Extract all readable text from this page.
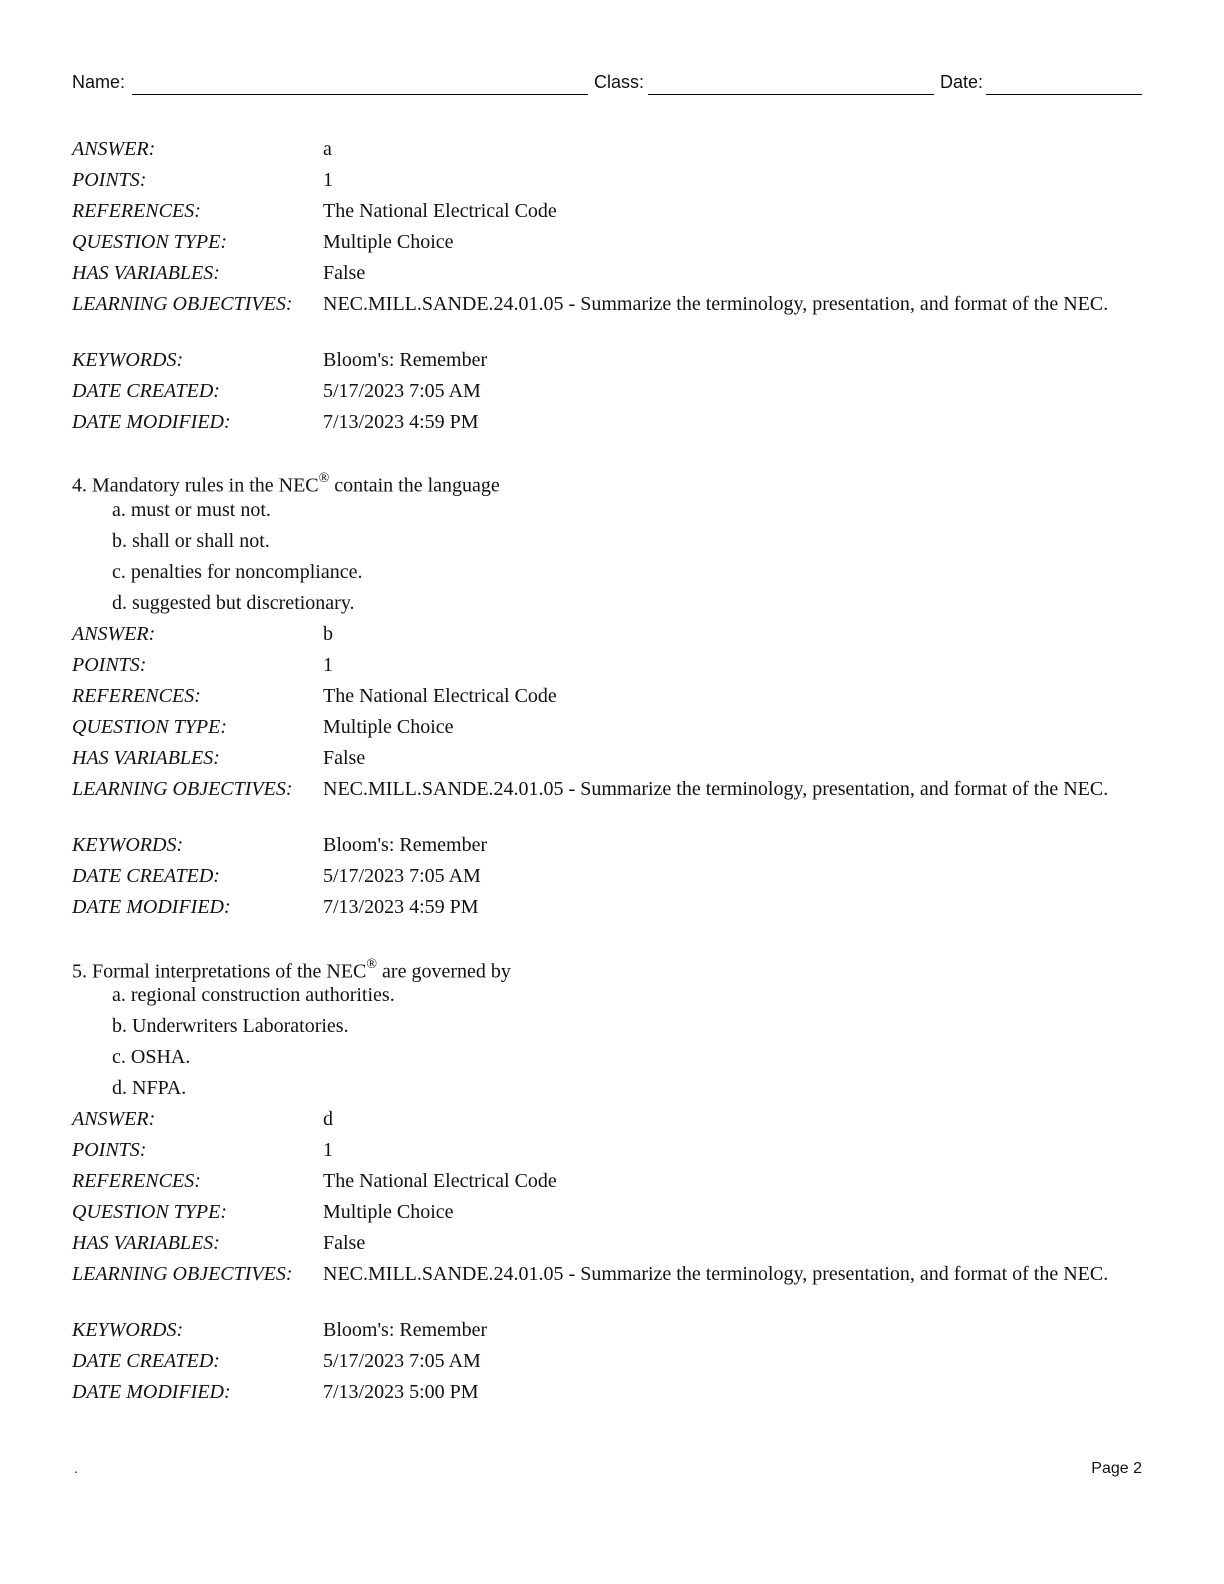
Name:	Class:	Date:
ANSWER:	a
POINTS:	1
REFERENCES:	The National Electrical Code
QUESTION TYPE:	Multiple Choice
HAS VARIABLES:	False
LEARNING OBJECTIVES: NEC.MILL.SANDE.24.01.05 - Summarize the terminology, presentation, and format of the NEC.
KEYWORDS:	Bloom's: Remember
DATE CREATED:	5/17/2023 7:05 AM
DATE MODIFIED:	7/13/2023 4:59 PM
4. Mandatory rules in the NEC® contain the language
a. must or must not.
b. shall or shall not.
c. penalties for noncompliance.
d. suggested but discretionary.
ANSWER:	b
POINTS:	1
REFERENCES:	The National Electrical Code
QUESTION TYPE:	Multiple Choice
HAS VARIABLES:	False
LEARNING OBJECTIVES: NEC.MILL.SANDE.24.01.05 - Summarize the terminology, presentation, and format of the NEC.
KEYWORDS:	Bloom's: Remember
DATE CREATED:	5/17/2023 7:05 AM
DATE MODIFIED:	7/13/2023 4:59 PM
5. Formal interpretations of the NEC® are governed by
a. regional construction authorities.
b. Underwriters Laboratories.
c. OSHA.
d. NFPA.
ANSWER:	d
POINTS:	1
REFERENCES:	The National Electrical Code
QUESTION TYPE:	Multiple Choice
HAS VARIABLES:	False
LEARNING OBJECTIVES: NEC.MILL.SANDE.24.01.05 - Summarize the terminology, presentation, and format of the NEC.
KEYWORDS:	Bloom's: Remember
DATE CREATED:	5/17/2023 7:05 AM
DATE MODIFIED:	7/13/2023 5:00 PM
.	Page 2
